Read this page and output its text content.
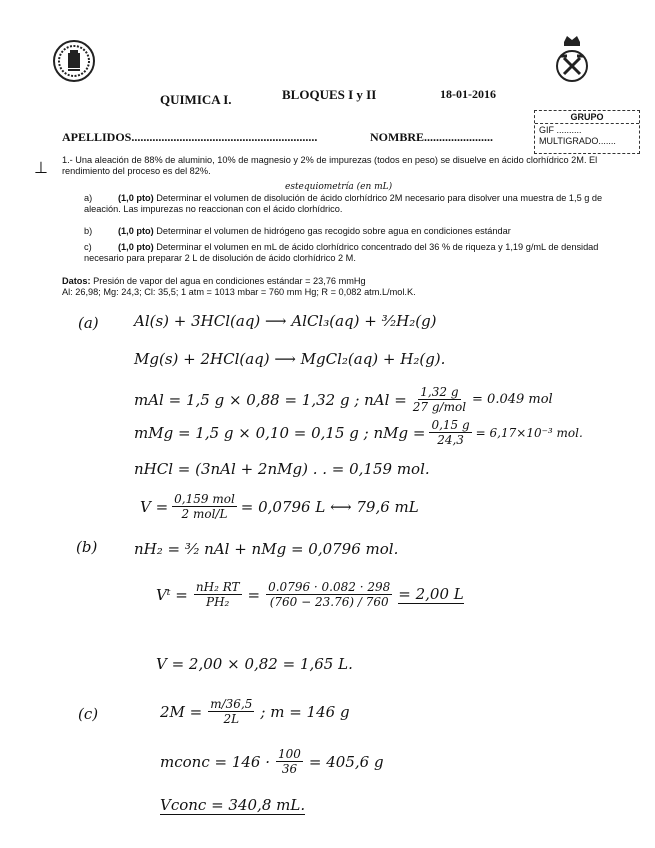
QUIMICA I.	BLOQUES I y II	18-01-2016
GRUPO
GIF ..........
MULTIGRADO.......
APELLIDOS..............................................................	NOMBRE.......................
⊥ 1.- Una aleación de 88% de aluminio, 10% de magnesio y 2% de impurezas (todos en peso) se disuelve en ácido clorhídrico 2M. El rendimiento del proceso es del 82%.
estequiometría (en mL)
a)	(1,0 pto) Determinar el volumen de disolución de ácido clorhídrico 2M necesario para disolver una muestra de 1,5 g de aleación. Las impurezas no reaccionan con el ácido clorhídrico.
b)	(1,0 pto) Determinar el volumen de hidrógeno gas recogido sobre agua en condiciones estándar
c)	(1,0 pto) Determinar el volumen en mL de ácido clorhídrico concentrado del 36 % de riqueza y 1,19 g/mL de densidad necesario para preparar 2 L de disolución de ácido clorhídrico 2 M.
Datos: Presión de vapor del agua en condiciones estándar = 23,76 mmHg
Al: 26,98; Mg: 24,3; Cl: 35,5; 1 atm = 1013 mbar = 760 mm Hg; R = 0,082 atm.L/mol.K.
(a) Al(s) + 3HCl(aq) ⟶ AlCl₃(aq) + ³⁄₂H₂(g)
Mg(s) + 2HCl(aq) ⟶ MgCl₂(aq) + H₂(g).
mAl = 1,5 g × 0,88 = 1,32 g ; nAl = $\frac{1,32 g}{\text{27 g/mol}} = 0.049$ mol
mMg = 1,5 g × 0,10 = 0,15 g ; nMg = $\frac{0,15 g}{24,3} = 6,17\times 10^{-3}$ mol.
nHCl = (3nAl + 2nMg) . . = 0,159 mol.
$V = \frac{\text{0,159 mol}}{\text{2 mol/L}} = 0,0796$ L ⟷ 79,6 mL
(b) nH₂ = ³⁄₂ nAl + nMg = 0,0796 mol.
Vᵗ = $\frac{\text{nH₂ RT}}{\text{PH₂}} = \frac{0.0796 \cdot 0.082 \cdot 298}{(760 - 23.76) / 760} = 2,00$ L
V = 2,00 × 0,82 = 1,65 L.
(c)	$2M = \frac{m/36,5}{2L}$ ; m = 146 g
mconc = $146 \cdot \frac{100}{36} = 405,6$ g
Vconc = 340,8 mL.
